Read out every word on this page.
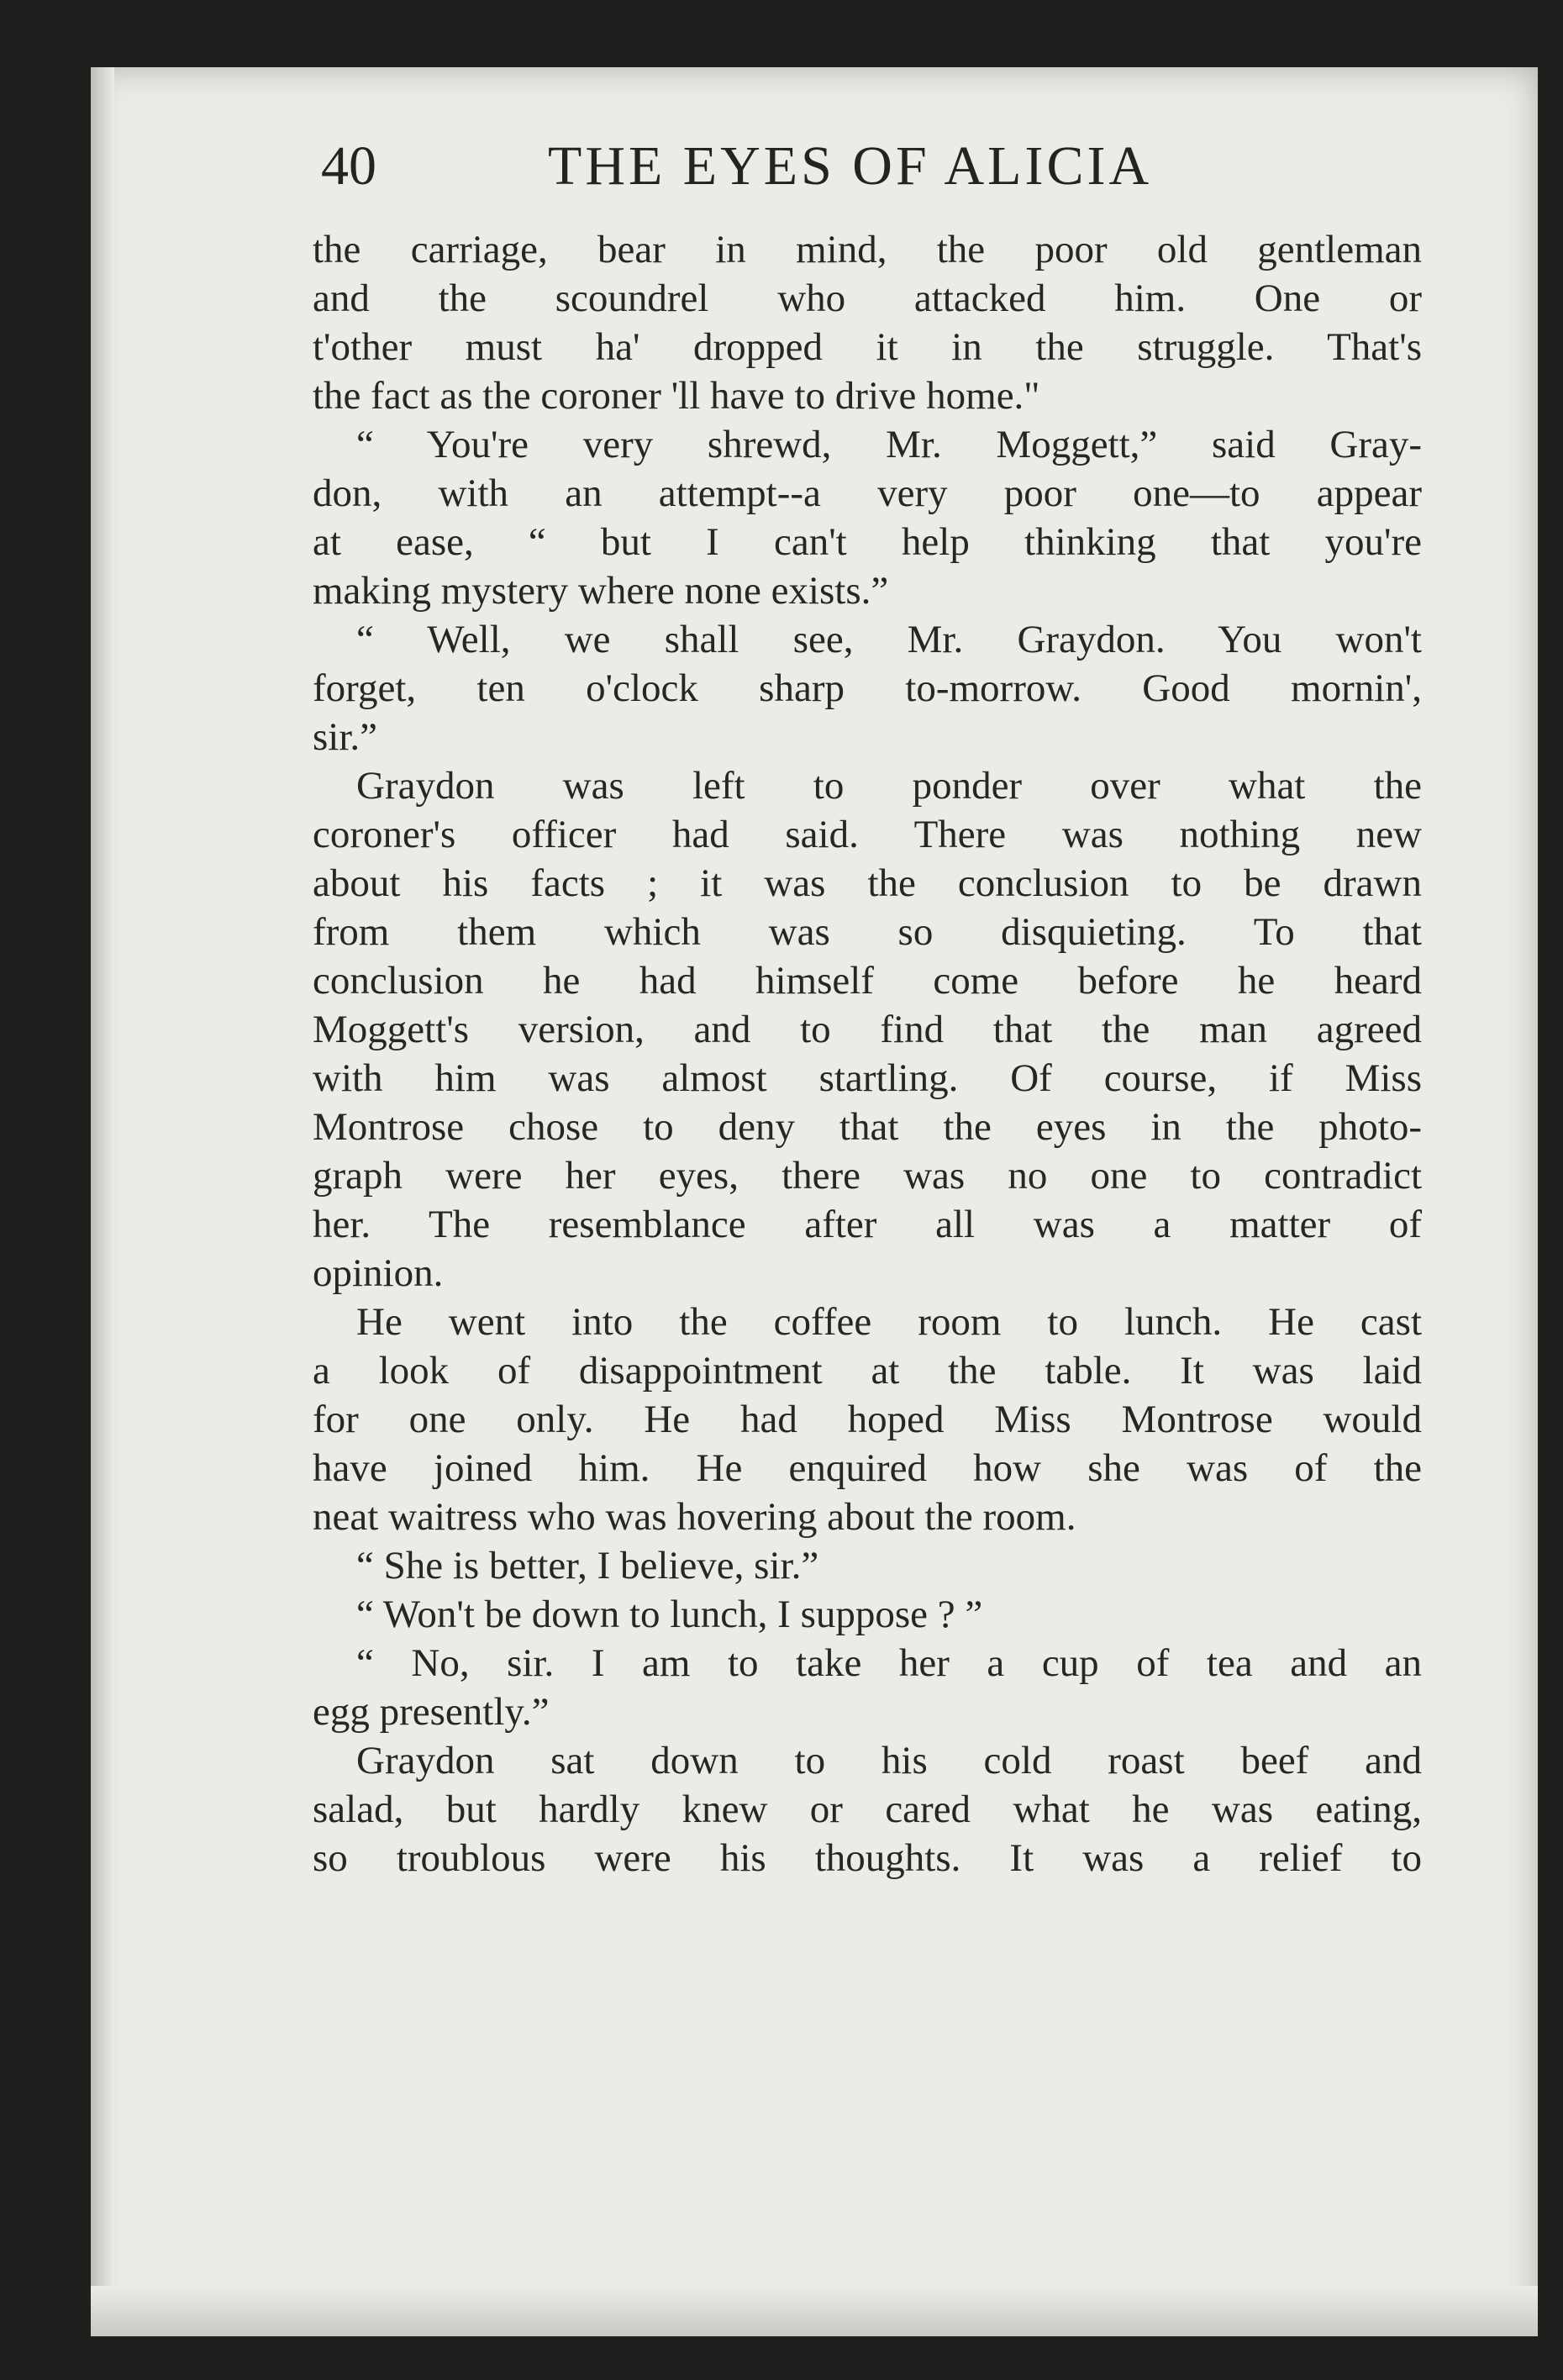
40	THE EYES OF ALICIA
the carriage, bear in mind, the poor old gentleman
and the scoundrel who attacked him. One or
t'other must ha' dropped it in the struggle. That's
the fact as the coroner 'll have to drive home."
“ You're very shrewd, Mr. Moggett,” said Gray-
don, with an attempt--a very poor one—to appear
at ease, “ but I can't help thinking that you're
making mystery where none exists.”
“ Well, we shall see, Mr. Graydon. You won't
forget, ten o'clock sharp to-morrow. Good mornin',
sir.”
Graydon was left to ponder over what the
coroner's officer had said. There was nothing new
about his facts ; it was the conclusion to be drawn
from them which was so disquieting. To that
conclusion he had himself come before he heard
Moggett's version, and to find that the man agreed
with him was almost startling. Of course, if Miss
Montrose chose to deny that the eyes in the photo-
graph were her eyes, there was no one to contradict
her. The resemblance after all was a matter of
opinion.
He went into the coffee room to lunch. He cast
a look of disappointment at the table. It was laid
for one only. He had hoped Miss Montrose would
have joined him. He enquired how she was of the
neat waitress who was hovering about the room.
“ She is better, I believe, sir.”
“ Won't be down to lunch, I suppose ? ”
“ No, sir. I am to take her a cup of tea and an
egg presently.”
Graydon sat down to his cold roast beef and
salad, but hardly knew or cared what he was eating,
so troublous were his thoughts. It was a relief to
